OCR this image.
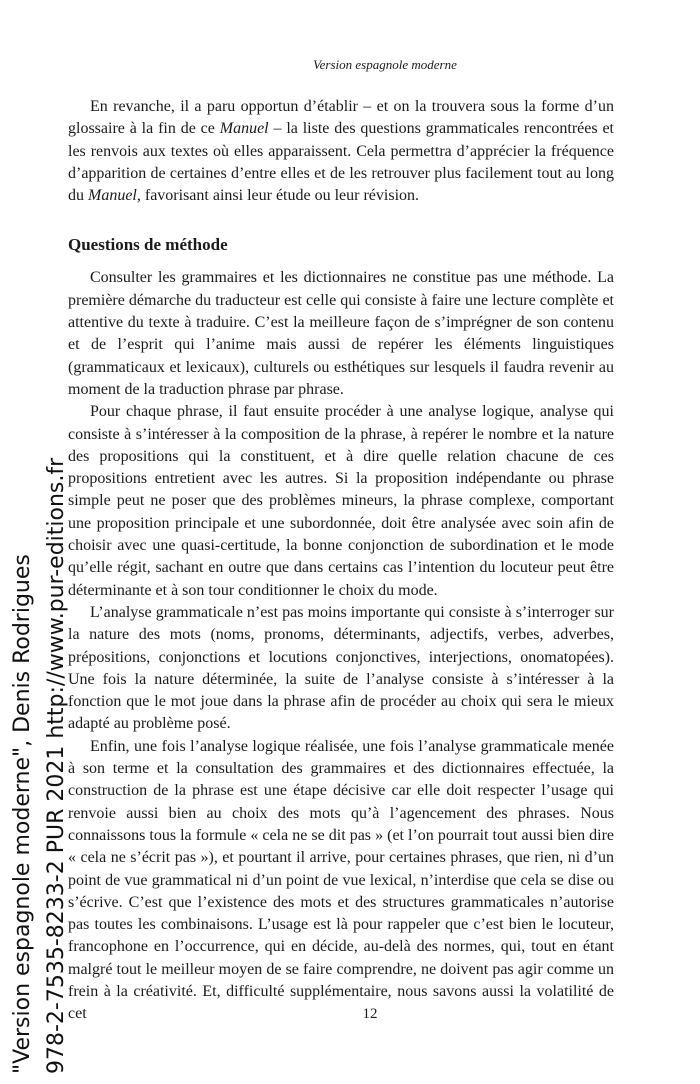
Version espagnole moderne

En revanche, il a paru opportun d’établir – et on la trouvera sous la forme d’un glossaire à la fin de ce Manuel – la liste des questions grammaticales rencontrées et les renvois aux textes où elles apparaissent. Cela permettra d’apprécier la fréquence d’apparition de certaines d’entre elles et de les retrouver plus facilement tout au long du Manuel, favorisant ainsi leur étude ou leur révision.

Questions de méthode

Consulter les grammaires et les dictionnaires ne constitue pas une méthode. La première démarche du traducteur est celle qui consiste à faire une lecture complète et attentive du texte à traduire. C’est la meilleure façon de s’imprégner de son contenu et de l’esprit qui l’anime mais aussi de repérer les éléments linguistiques (grammaticaux et lexicaux), culturels ou esthétiques sur lesquels il faudra revenir au moment de la traduction phrase par phrase.

Pour chaque phrase, il faut ensuite procéder à une analyse logique, analyse qui consiste à s’intéresser à la composition de la phrase, à repérer le nombre et la nature des propositions qui la constituent, et à dire quelle relation chacune de ces propositions entretient avec les autres. Si la proposition indépendante ou phrase simple peut ne poser que des problèmes mineurs, la phrase complexe, comportant une proposition principale et une subordonnée, doit être analysée avec soin afin de choisir avec une quasi-certitude, la bonne conjonction de subordination et le mode qu’elle régit, sachant en outre que dans certains cas l’intention du locuteur peut être déterminante et à son tour conditionner le choix du mode.

L’analyse grammaticale n’est pas moins importante qui consiste à s’interroger sur la nature des mots (noms, pronoms, déterminants, adjectifs, verbes, adverbes, prépositions, conjonctions et locutions conjonctives, interjections, onomatopées). Une fois la nature déterminée, la suite de l’analyse consiste à s’intéresser à la fonction que le mot joue dans la phrase afin de procéder au choix qui sera le mieux adapté au problème posé.

Enfin, une fois l’analyse logique réalisée, une fois l’analyse grammaticale menée à son terme et la consultation des grammaires et des dictionnaires effectuée, la construction de la phrase est une étape décisive car elle doit respecter l’usage qui renvoie aussi bien au choix des mots qu’à l’agencement des phrases. Nous connaissons tous la formule « cela ne se dit pas » (et l’on pourrait tout aussi bien dire « cela ne s’écrit pas »), et pourtant il arrive, pour certaines phrases, que rien, ni d’un point de vue grammatical ni d’un point de vue lexical, n’interdise que cela se dise ou s’écrive. C’est que l’existence des mots et des structures grammaticales n’autorise pas toutes les combinaisons. L’usage est là pour rappeler que c’est bien le locuteur, francophone en l’occurrence, qui en décide, au-delà des normes, qui, tout en étant malgré tout le meilleur moyen de se faire comprendre, ne doivent pas agir comme un frein à la créativité. Et, difficulté supplémentaire, nous savons aussi la volatilité de cet	12
"Version espagnole moderne", Denis Rodrigues 978-2-7535-8233-2 PUR 2021 http://www.pur-editions.fr
